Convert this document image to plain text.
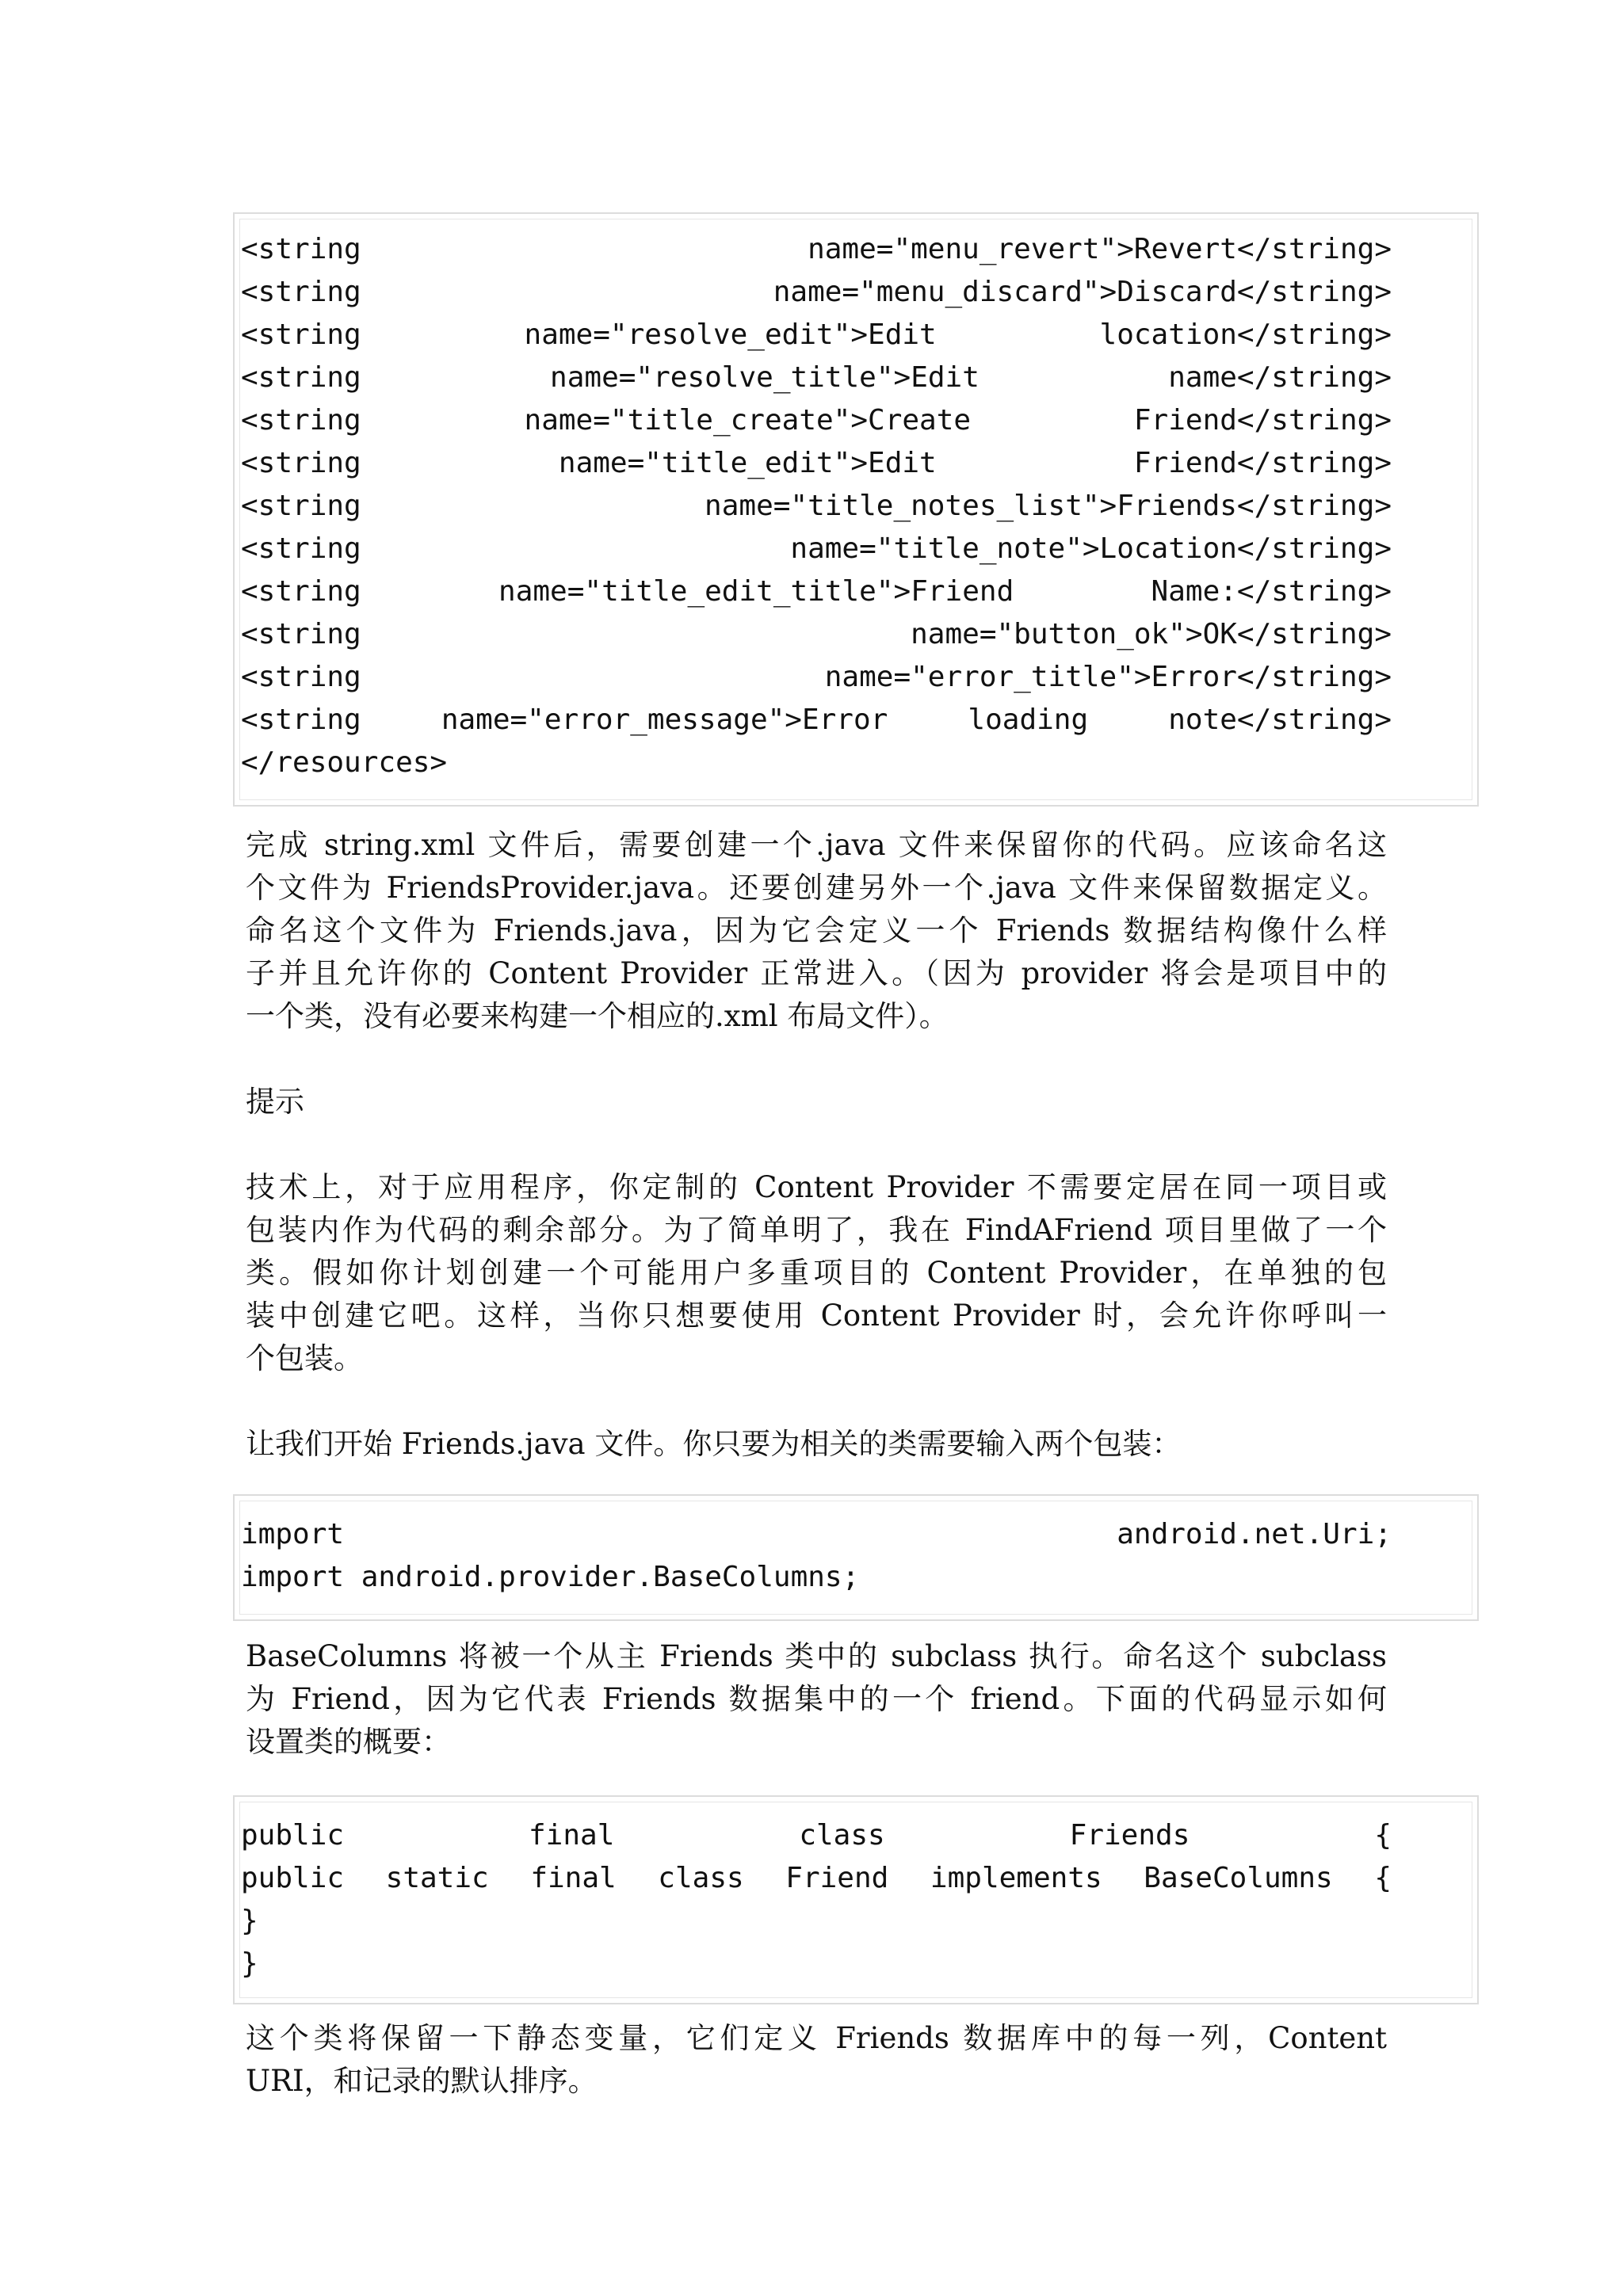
<string name="menu_revert">Revert</string>
<string name="menu_discard">Discard</string>
<string name="resolve_edit">Edit location</string>
<string name="resolve_title">Edit name</string>
<string name="title_create">Create Friend</string>
<string name="title_edit">Edit Friend</string>
<string name="title_notes_list">Friends</string>
<string name="title_note">Location</string>
<string name="title_edit_title">Friend Name:</string>
<string name="button_ok">OK</string>
<string name="error_title">Error</string>
<string name="error_message">Error loading note</string>
</resources>
完成 string.xml 文件后，需要创建一个.java 文件来保留你的代码。应该命名这
个文件为 FriendsProvider.java。还要创建另外一个.java 文件来保留数据定义。
命名这个文件为 Friends.java，因为它会定义一个 Friends 数据结构像什么样
子并且允许你的 Content Provider 正常进入。（因为 provider 将会是项目中的
一个类，没有必要来构建一个相应的.xml 布局文件）。
提示
技术上，对于应用程序，你定制的 Content Provider 不需要定居在同一项目或
包装内作为代码的剩余部分。为了简单明了，我在 FindAFriend 项目里做了一个
类。假如你计划创建一个可能用户多重项目的 Content Provider，在单独的包
装中创建它吧。这样，当你只想要使用 Content Provider 时，会允许你呼叫一
个包装。
让我们开始 Friends.java 文件。你只要为相关的类需要输入两个包装：
import android.net.Uri;
import android.provider.BaseColumns;
BaseColumns 将被一个从主 Friends 类中的 subclass 执行。命名这个 subclass
为 Friend，因为它代表 Friends 数据集中的一个 friend。下面的代码显示如何
设置类的概要：
public final class Friends {
public static final class Friend implements BaseColumns {
}
}
这个类将保留一下静态变量，它们定义 Friends 数据库中的每一列，Content
URI，和记录的默认排序。
